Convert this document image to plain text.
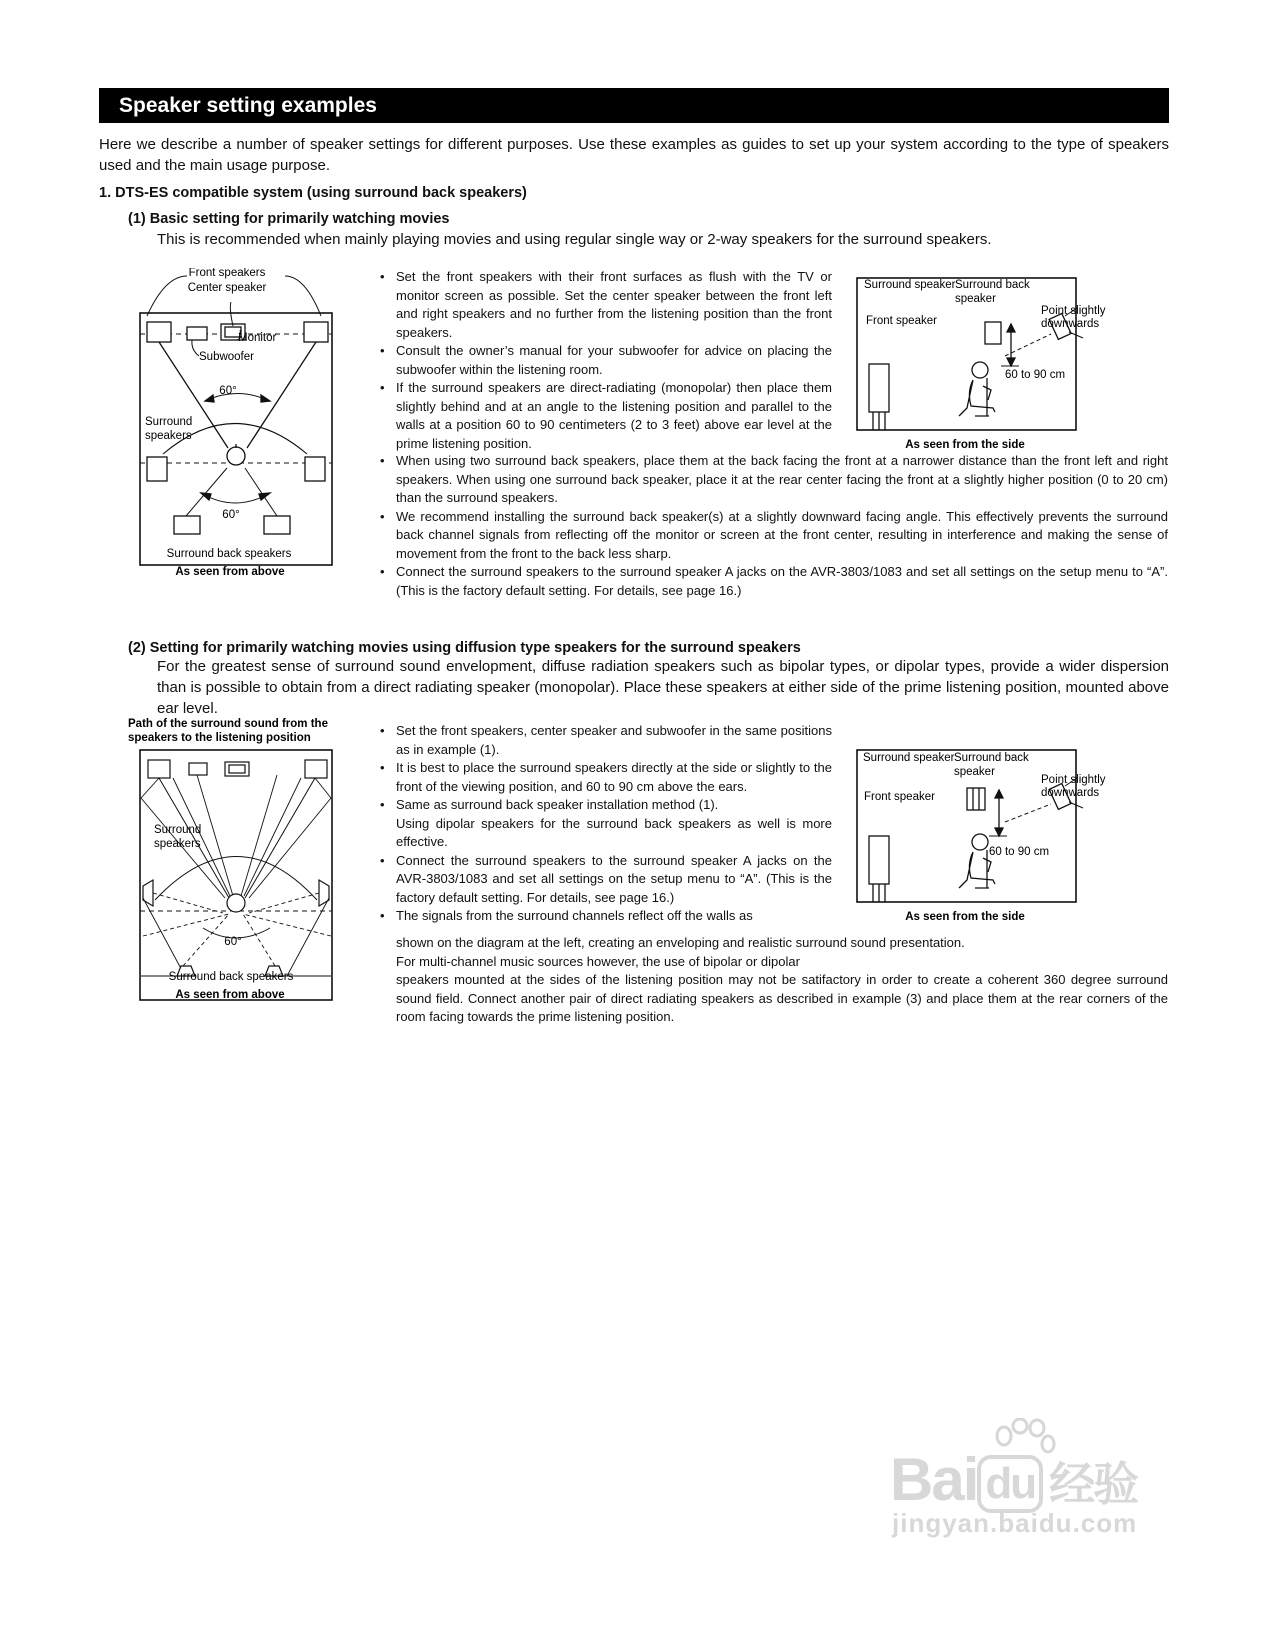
Speaker setting examples
Here we describe a number of speaker settings for different purposes. Use these examples as guides to set up your system according to the type of speakers used and the main usage purpose.
1. DTS-ES compatible system (using surround back speakers)
(1) Basic setting for primarily watching movies
This is recommended when mainly playing movies and using regular single way or 2-way speakers for the surround speakers.
Front speakers
Center speaker
Monitor
Subwoofer
60°
Surround
speakers
60°
Surround back speakers
As seen from above
• Set the front speakers with their front surfaces as flush with the TV or monitor screen as possible. Set the center speaker between the front left and right speakers and no further from the listening position than the front speakers.
• Consult the owner’s manual for your subwoofer for advice on placing the subwoofer within the listening room.
• If the surround speakers are direct-radiating (monopolar) then place them slightly behind and at an angle to the listening position and parallel to the walls at a position 60 to 90 centimeters (2 to 3 feet) above ear level at the prime listening position.
• When using two surround back speakers, place them at the back facing the front at a narrower distance than the front left and right speakers. When using one surround back speaker, place it at the rear center facing the front at a slightly higher position (0 to 20 cm) than the surround speakers.
• We recommend installing the surround back speaker(s) at a slightly downward facing angle. This effectively prevents the surround back channel signals from reflecting off the monitor or screen at the front center, resulting in interference and making the sense of movement from the front to the back less sharp.
• Connect the surround speakers to the surround speaker A jacks on the AVR-3803/1083 and set all settings on the setup menu to “A”. (This is the factory default setting. For details, see page 16.)
Surround speaker Surround back
speaker
Point slightly
downwards
Front speaker
60 to 90 cm
As seen from the side
(2) Setting for primarily watching movies using diffusion type speakers for the surround speakers
For the greatest sense of surround sound envelopment, diffuse radiation speakers such as bipolar types, or dipolar types, provide a wider dispersion than is possible to obtain from a direct radiating speaker (monopolar). Place these speakers at either side of the prime listening position, mounted above ear level.
Path of the surround sound from the
speakers to the listening position
Surround
speakers
60°
Surround back speakers
As seen from above
• Set the front speakers, center speaker and subwoofer in the same positions as in example (1).
• It is best to place the surround speakers directly at the side or slightly to the front of the viewing position, and 60 to 90 cm above the ears.
• Same as surround back speaker installation method (1).
Using dipolar speakers for the surround back speakers as well is more effective.
• Connect the surround speakers to the surround speaker A jacks on the AVR-3803/1083 and set all settings on the setup menu to “A”. (This is the factory default setting. For details, see page 16.)
• The signals from the surround channels reflect off the walls as
shown on the diagram at the left, creating an enveloping and realistic surround sound presentation.
For multi-channel music sources however, the use of bipolar or dipolar
speakers mounted at the sides of the listening position may not be satifactory in order to create a coherent 360 degree surround sound field. Connect another pair of direct radiating speakers as described in example (3) and place them at the rear corners of the room facing towards the prime listening position.
Surround speaker Surround back
speaker
Point slightly
downwards
Front speaker
60 to 90 cm
As seen from the side
Bai du 经验
jingyan.baidu.com
